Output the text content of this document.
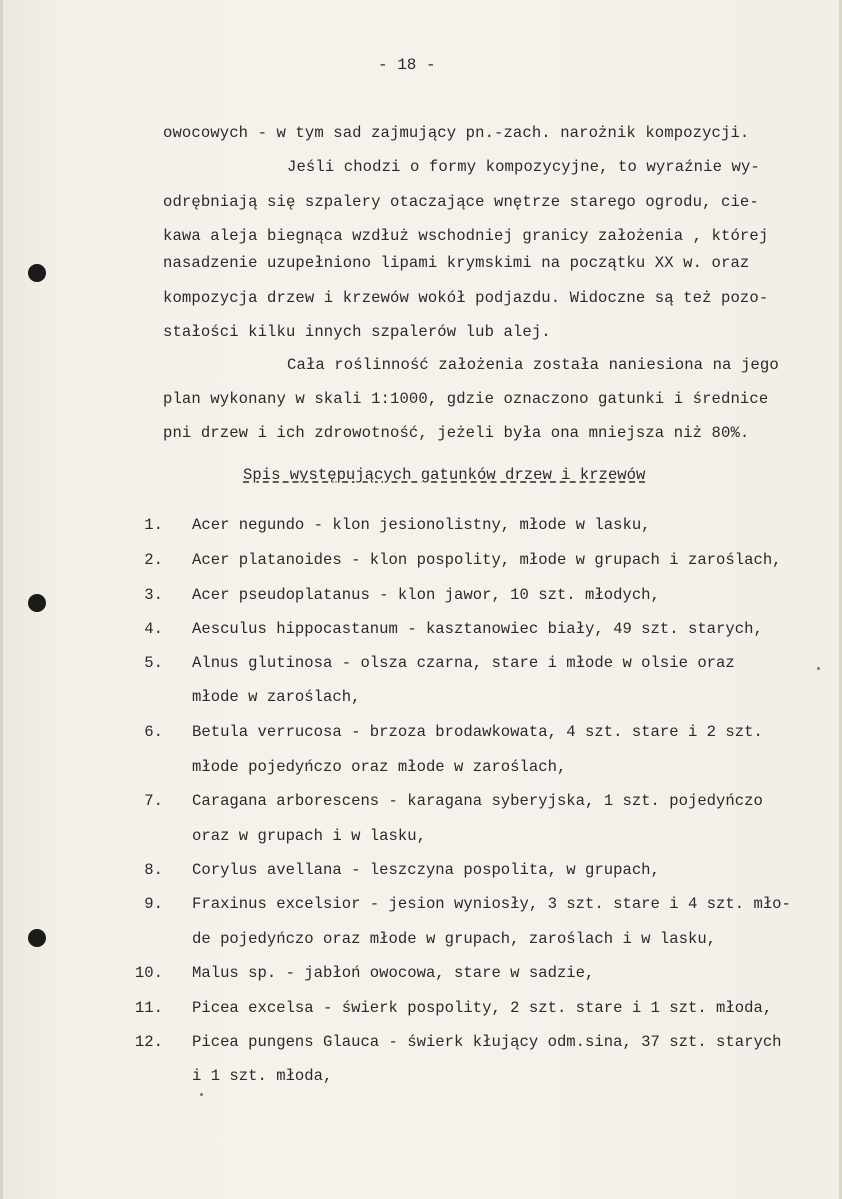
- 18 -
owocowych - w tym sad zajmujący pn.-zach. narożnik kompozycji.
Jeśli chodzi o formy kompozycyjne, to wyraźnie wy-
odrębniają się szpalery otaczające wnętrze starego ogrodu, cie-
kawa aleja biegnąca wzdłuż wschodniej granicy założenia , której
nasadzenie uzupełniono lipami krymskimi na początku XX w. oraz
kompozycja drzew i krzewów wokół podjazdu. Widoczne są też pozo-
stałości kilku innych szpalerów lub alej.
Cała roślinność założenia została naniesiona na jego
plan wykonany w skali 1:1000, gdzie oznaczono gatunki i średnice
pni drzew i ich zdrowotność, jeżeli była ona mniejsza niż 80%.
Spis występujących gatunków drzew i krzewów

1.

Acer negundo - klon jesionolistny, młode w lasku,

2.

Acer platanoides - klon pospolity, młode w grupach i zaroślach,

3.

Acer pseudoplatanus - klon jawor, 10 szt. młodych,

4.

Aesculus hippocastanum - kasztanowiec biały, 49 szt. starych,

5.

Alnus glutinosa - olsza czarna, stare i młode w olsie oraz

młode w zaroślach,

6.

Betula verrucosa - brzoza brodawkowata, 4 szt. stare i 2 szt.

młode pojedyńczo oraz młode w zaroślach,

7.

Caragana arborescens - karagana syberyjska, 1 szt. pojedyńczo

oraz w grupach i w lasku,

8.

Corylus avellana - leszczyna pospolita, w grupach,

9.

Fraxinus excelsior - jesion wyniosły, 3 szt. stare i 4 szt. mło-

de pojedyńczo oraz młode w grupach, zaroślach i w lasku,

10.

Malus sp. - jabłoń owocowa, stare w sadzie,

11.

Picea excelsa - świerk pospolity, 2 szt. stare i 1 szt. młoda,

12.

Picea pungens Glauca - świerk kłujący odm.sina, 37 szt. starych

i 1 szt. młoda,
